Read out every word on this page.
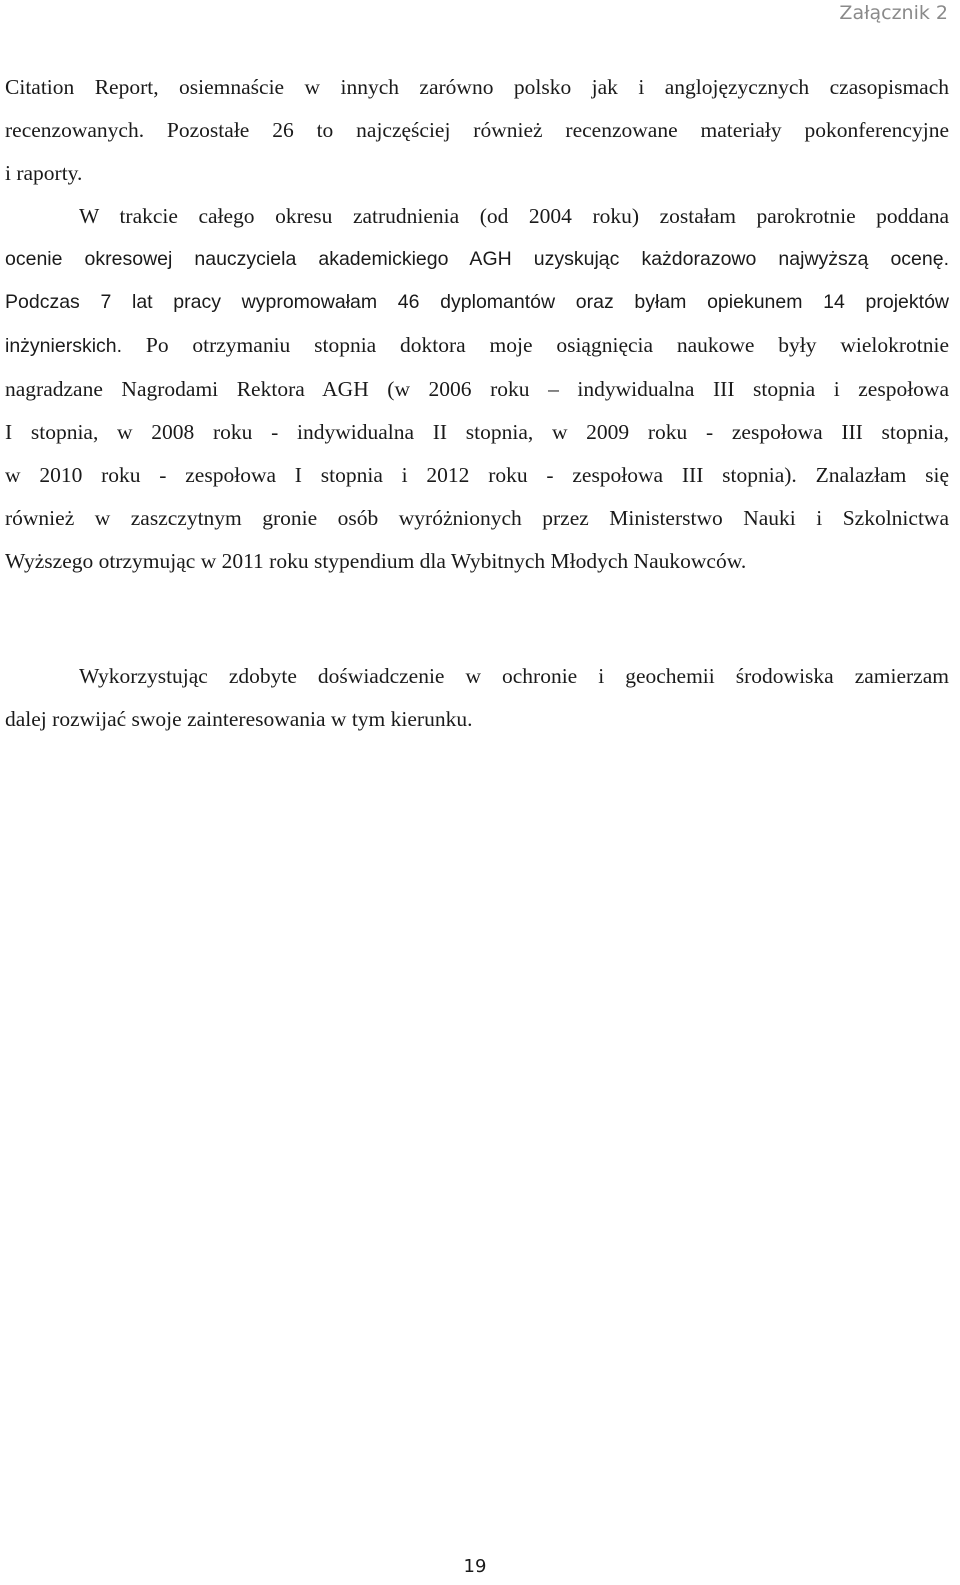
Załącznik 2
Citation Report, osiemnaście w innych zarówno polsko jak i anglojęzycznych czasopismach
recenzowanych. Pozostałe 26 to najczęściej również recenzowane materiały pokonferencyjne
i raporty.
W trakcie całego okresu zatrudnienia (od 2004 roku) zostałam parokrotnie poddana
ocenie okresowej nauczyciela akademickiego AGH uzyskując każdorazowo najwyższą ocenę.
Podczas 7 lat pracy wypromowałam 46 dyplomantów oraz byłam opiekunem 14 projektów
inżynierskich. Po otrzymaniu stopnia doktora moje osiągnięcia naukowe były wielokrotnie
nagradzane Nagrodami Rektora AGH (w 2006 roku – indywidualna III stopnia i zespołowa
I stopnia, w 2008 roku - indywidualna II stopnia, w 2009 roku - zespołowa III stopnia,
w 2010 roku - zespołowa I stopnia i 2012 roku - zespołowa III stopnia). Znalazłam się
również w zaszczytnym gronie osób wyróżnionych przez Ministerstwo Nauki i Szkolnictwa
Wyższego otrzymując w 2011 roku stypendium dla Wybitnych Młodych Naukowców.
Wykorzystując zdobyte doświadczenie w ochronie i geochemii środowiska zamierzam
dalej rozwijać swoje zainteresowania w tym kierunku.
19
